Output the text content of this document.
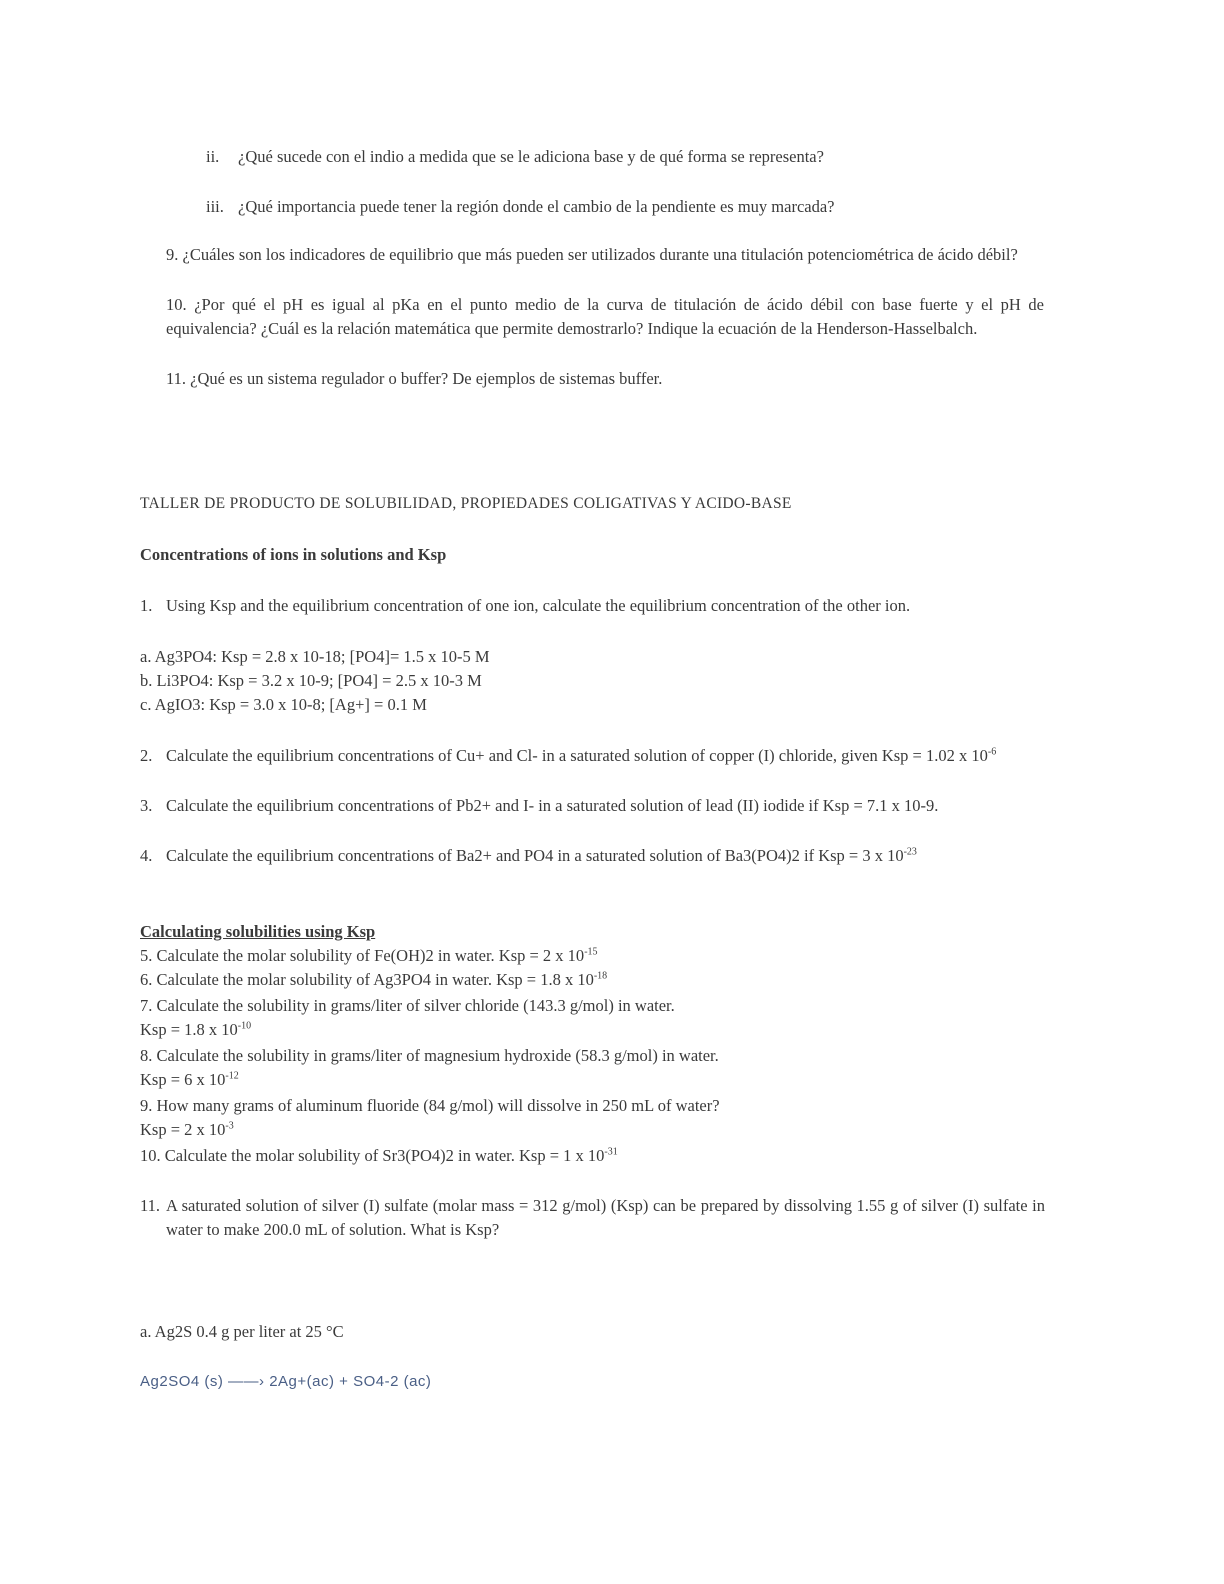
ii. ¿Qué sucede con el indio a medida que se le adiciona base y de qué forma se representa?
iii. ¿Qué importancia puede tener la región donde el cambio de la pendiente es muy marcada?
9. ¿Cuáles son los indicadores de equilibrio que más pueden ser utilizados durante una titulación potenciométrica de ácido débil?
10. ¿Por qué el pH es igual al pKa en el punto medio de la curva de titulación de ácido débil con base fuerte y el pH de equivalencia? ¿Cuál es la relación matemática que permite demostrarlo? Indique la ecuación de la Henderson-Hasselbalch.
11. ¿Qué es un sistema regulador o buffer? De ejemplos de sistemas buffer.
TALLER DE PRODUCTO DE SOLUBILIDAD, PROPIEDADES COLIGATIVAS Y ACIDO-BASE
Concentrations of ions in solutions and Ksp
1. Using Ksp and the equilibrium concentration of one ion, calculate the equilibrium concentration of the other ion.
a. Ag3PO4: Ksp = 2.8 x 10-18; [PO4]= 1.5 x 10-5 M
b. Li3PO4: Ksp = 3.2 x 10-9; [PO4] = 2.5 x 10-3 M
c. AgIO3: Ksp = 3.0 x 10-8; [Ag+] = 0.1 M
2. Calculate the equilibrium concentrations of Cu+ and Cl- in a saturated solution of copper (I) chloride, given Ksp = 1.02 x $10^{-6}$
3. Calculate the equilibrium concentrations of Pb2+ and I- in a saturated solution of lead (II) iodide if Ksp = 7.1 x 10-9.
4. Calculate the equilibrium concentrations of Ba2+ and PO4 in a saturated solution of Ba3(PO4)2 if Ksp = 3 x $10^{-23}$
Calculating solubilities using Ksp
5. Calculate the molar solubility of Fe(OH)2 in water. Ksp = 2 x $10^{-15}$
6. Calculate the molar solubility of Ag3PO4 in water. Ksp = 1.8 x $10^{-18}$
7. Calculate the solubility in grams/liter of silver chloride (143.3 g/mol) in water.
Ksp = 1.8 x $10^{-10}$
8. Calculate the solubility in grams/liter of magnesium hydroxide (58.3 g/mol) in water.
Ksp = 6 x $10^{-12}$
9. How many grams of aluminum fluoride (84 g/mol) will dissolve in 250 mL of water?
Ksp = 2 x $10^{-3}$
10. Calculate the molar solubility of Sr3(PO4)2 in water. Ksp = 1 x $10^{-31}$
11. A saturated solution of silver (I) sulfate (molar mass = 312 g/mol) (Ksp) can be prepared by dissolving 1.55 g of silver (I) sulfate in water to make 200.0 mL of solution. What is Ksp?
a. Ag2S 0.4 g per liter at 25 °C
Ag2SO4 (s) ——› 2Ag+(ac) + SO4-2 (ac)
